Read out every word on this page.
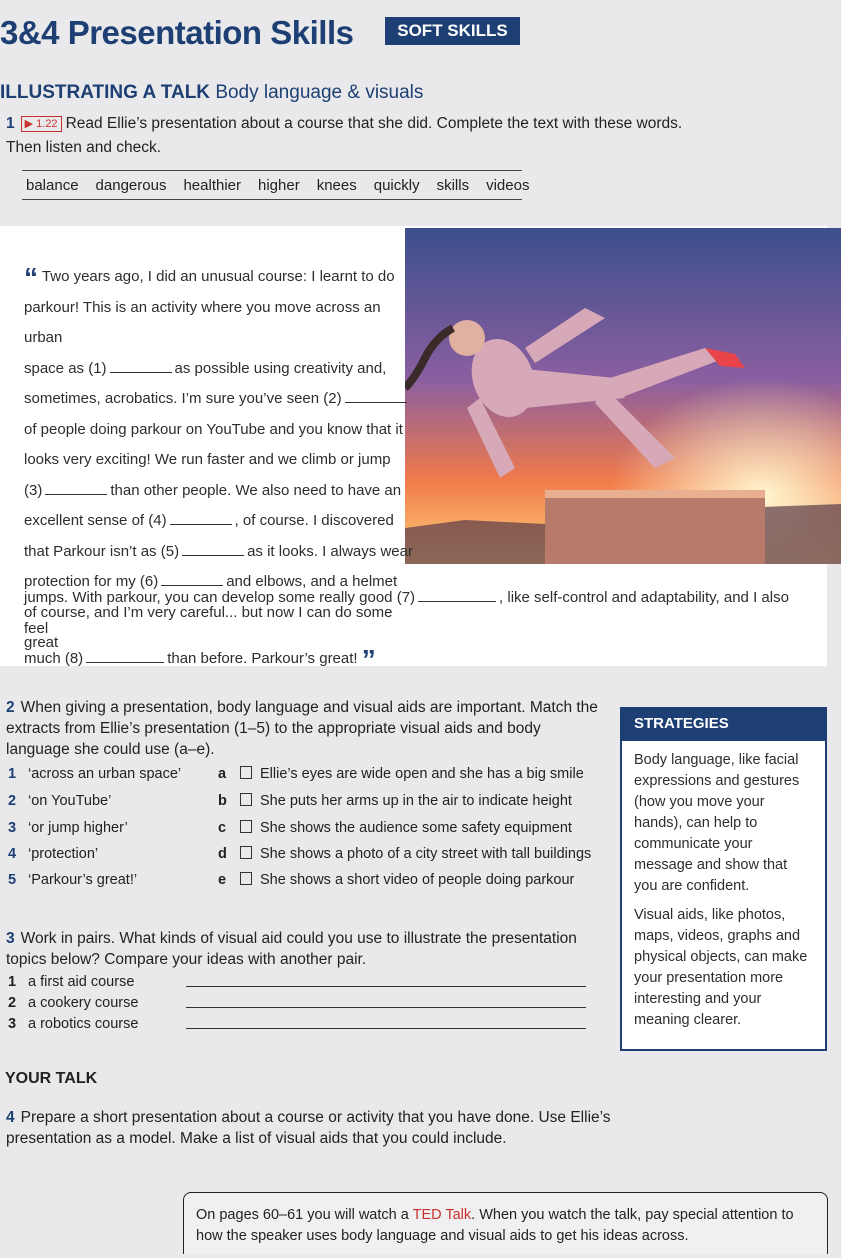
3&4 Presentation Skills	SOFT SKILLS
ILLUSTRATING A TALK Body language & visuals
1 ▶ 1.22 Read Ellie’s presentation about a course that she did. Complete the text with these words. Then listen and check.
balance dangerous healthier higher knees quickly skills videos
“ Two years ago, I did an unusual course: I learnt to do
parkour! This is an activity where you move across an urban
space as (1)	as possible using creativity and,
sometimes, acrobatics. I’m sure you’ve seen (2)
of people doing parkour on YouTube and you know that it
looks very exciting! We run faster and we climb or jump
(3)	than other people. We also need to have an
excellent sense of (4)	, of course. I discovered
that Parkour isn’t as (5)	as it looks. I always wear
protection for my (6)	and elbows, and a helmet
of course, and I’m very careful... but now I can do some great
jumps. With parkour, you can develop some really good (7)	, like self-control and adaptability, and I also feel
much (8)	than before. Parkour’s great! ”
2 When giving a presentation, body language and visual aids are important. Match the extracts from Ellie’s presentation (1–5) to the appropriate visual aids and body language she could use (a–e).
1 ‘across an urban space’	a Ellie’s eyes are wide open and she has a big smile
2 ‘on YouTube’	b She puts her arms up in the air to indicate height
3 ‘or jump higher’	c She shows the audience some safety equipment
4 ‘protection’	d She shows a photo of a city street with tall buildings
5 ‘Parkour’s great!’	e She shows a short video of people doing parkour
STRATEGIES

Body language, like facial expressions and gestures (how you move your hands), can help to communicate your message and show that you are confident.

Visual aids, like photos, maps, videos, graphs and physical objects, can make your presentation more interesting and your meaning clearer.

3 Work in pairs. What kinds of visual aid could you use to illustrate the presentation topics below? Compare your ideas with another pair.
1 a first aid course
2 a cookery course
3 a robotics course
YOUR TALK
4 Prepare a short presentation about a course or activity that you have done. Use Ellie’s presentation as a model. Make a list of visual aids that you could include.
On pages 60–61 you will watch a TED Talk. When you watch the talk, pay special attention to how the speaker uses body language and visual aids to get his ideas across.
